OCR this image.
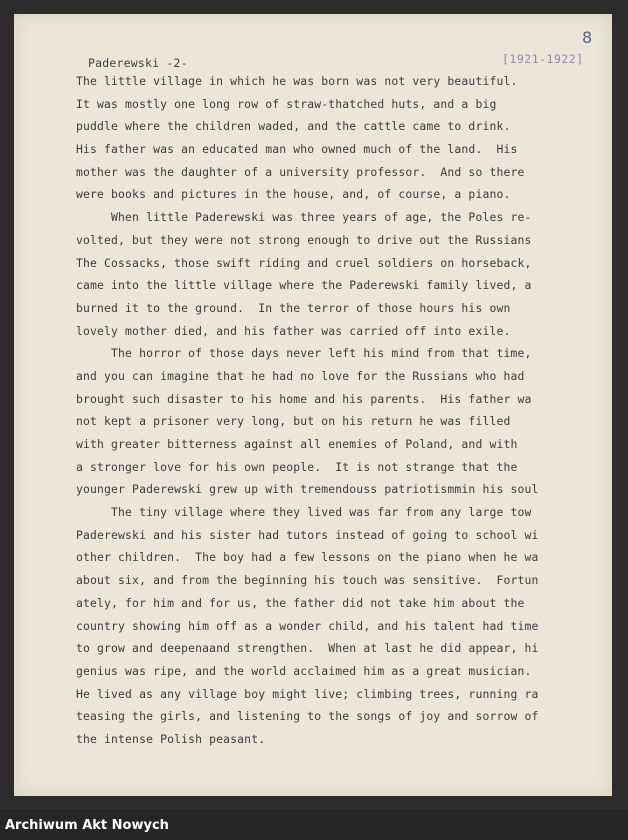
Paderewski -2-	[1921-1922]
8
The little village in which he was born was not very beautiful.
It was mostly one long row of straw-thatched huts, and a big
puddle where the children waded, and the cattle came to drink.
His father was an educated man who owned much of the land.  His
mother was the daughter of a university professor.  And so there
were books and pictures in the house, and, of course, a piano.
When little Paderewski was three years of age, the Poles re-
volted, but they were not strong enough to drive out the Russians
The Cossacks, those swift riding and cruel soldiers on horseback,
came into the little village where the Paderewski family lived, a
burned it to the ground.  In the terror of those hours his own
lovely mother died, and his father was carried off into exile.
The horror of those days never left his mind from that time,
and you can imagine that he had no love for the Russians who had
brought such disaster to his home and his parents.  His father wa
not kept a prisoner very long, but on his return he was filled
with greater bitterness against all enemies of Poland, and with
a stronger love for his own people.  It is not strange that the
younger Paderewski grew up with tremendouss patriotismmin his soul
The tiny village where they lived was far from any large tow
Paderewski and his sister had tutors instead of going to school wi
other children.  The boy had a few lessons on the piano when he wa
about six, and from the beginning his touch was sensitive.  Fortun
ately, for him and for us, the father did not take him about the
country showing him off as a wonder child, and his talent had time
to grow and deepenaand strengthen.  When at last he did appear, hi
genius was ripe, and the world acclaimed him as a great musician.
He lived as any village boy might live; climbing trees, running ra
teasing the girls, and listening to the songs of joy and sorrow of
the intense Polish peasant.
Archiwum Akt Nowych
